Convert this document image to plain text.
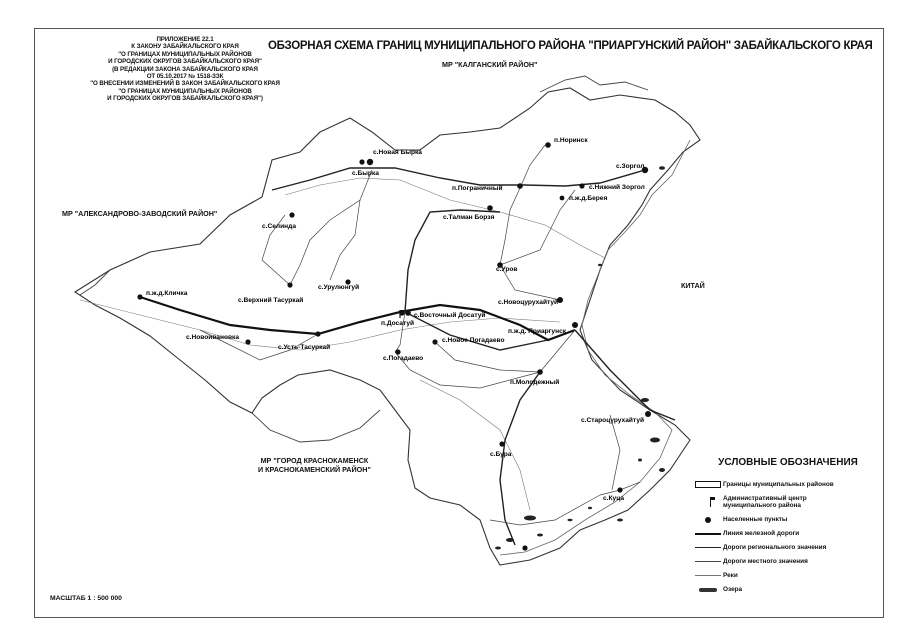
с.Новая Бырка
с.Бырка
п.Норинск
с.Зоргол
п.Пограничный	с.Нижний Зоргол
п.ж.д.Берея
с.Талман Борзя
с.Селинда
с.Уров
с.Урулюнгуй
с.Верхний Тасуркай
п.ж.д.Кличка
с.Новоцурухайтуй
с.Восточный Досатуй
п.Досатуй
с.Новоивановка
с.Усть-Тасуркай
п.ж.д. Приаргунск
с.Новое Погадаево
с.Погадаево
п.Молодежный
с.Староцурухайтуй
с.Бура
с.Куца
ПРИЛОЖЕНИЕ 22.1
К ЗАКОНУ ЗАБАЙКАЛЬСКОГО КРАЯ
"О ГРАНИЦАХ МУНИЦИПАЛЬНЫХ РАЙОНОВ
И ГОРОДСКИХ ОКРУГОВ ЗАБАЙКАЛЬСКОГО КРАЯ"
(В РЕДАКЦИИ ЗАКОНА ЗАБАЙКАЛЬСКОГО КРАЯ
ОТ 05.10.2017 № 1518-ЗЗК
"О ВНЕСЕНИИ ИЗМЕНЕНИЙ В ЗАКОН ЗАБАЙКАЛЬСКОГО КРАЯ
"О ГРАНИЦАХ МУНИЦИПАЛЬНЫХ РАЙОНОВ
И ГОРОДСКИХ ОКРУГОВ ЗАБАЙКАЛЬСКОГО КРАЯ")
ОБЗОРНАЯ СХЕМА ГРАНИЦ МУНИЦИПАЛЬНОГО РАЙОНА "ПРИАРГУНСКИЙ РАЙОН" ЗАБАЙКАЛЬСКОГО КРАЯ
МР "КАЛГАНСКИЙ РАЙОН"
МР "АЛЕКСАНДРОВО-ЗАВОДСКИЙ РАЙОН"
КИТАЙ
МР "ГОРОД КРАСНОКАМЕНСК
И КРАСНОКАМЕНСКИЙ РАЙОН"
МАСШТАБ 1 : 500 000
УСЛОВНЫЕ ОБОЗНАЧЕНИЯ
Границы муниципальных районов
Административный центр муниципального района
Населенные пункты
Линия железной дороги
Дороги регионального значения
Дороги местного значения
Реки
Озера
